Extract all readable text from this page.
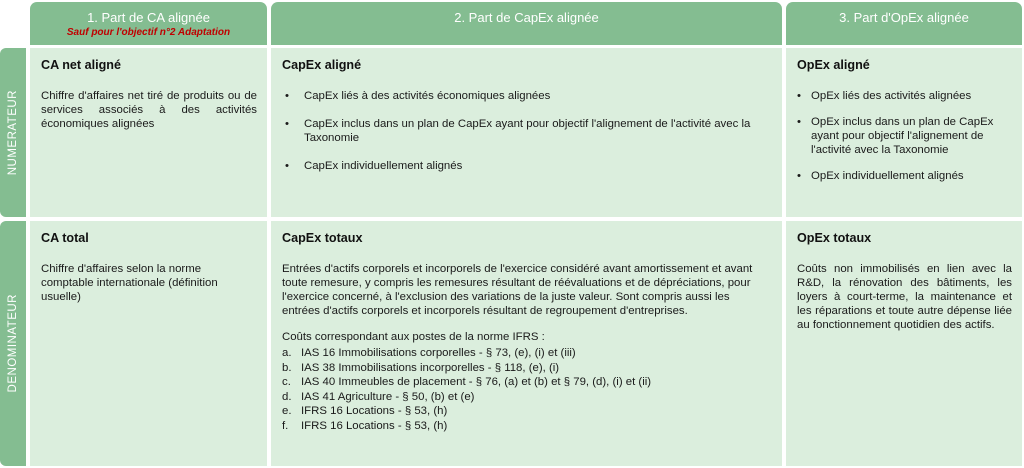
1. Part de CA alignée
Sauf pour l'objectif n°2 Adaptation
2. Part de CapEx alignée	3. Part d'OpEx alignée
NUMERATEUR
DENOMINATEUR
CA net aligné

Chiffre d'affaires net tiré de produits ou de services associés à des activités économiques alignées

CapEx aligné
• CapEx liés à des activités économiques alignées
• CapEx inclus dans un plan de CapEx ayant pour objectif l'alignement de l'activité avec la Taxonomie
• CapEx individuellement alignés
OpEx aligné
• OpEx liés des activités alignées
• OpEx inclus dans un plan de CapEx ayant pour objectif l'alignement de l'activité avec la Taxonomie
• OpEx individuellement alignés
CA total

Chiffre d'affaires selon la norme comptable internationale (définition usuelle)

CapEx totaux

Entrées d'actifs corporels et incorporels de l'exercice considéré avant amortissement et avant toute remesure, y compris les remesures résultant de réévaluations et de dépréciations, pour l'exercice concerné, à l'exclusion des variations de la juste valeur. Sont compris aussi les entrées d'actifs corporels et incorporels résultant de regroupement d'entreprises.

Coûts correspondant aux postes de la norme IFRS :

a. IAS 16 Immobilisations corporelles - § 73, (e), (i) et (iii)
b. IAS 38 Immobilisations incorporelles - § 118, (e), (i)
c. IAS 40 Immeubles de placement - § 76, (a) et (b) et § 79, (d), (i) et (ii)
d. IAS 41 Agriculture - § 50, (b) et (e)
e. IFRS 16 Locations - § 53, (h)
f. IFRS 16 Locations - § 53, (h)
OpEx totaux

Coûts non immobilisés en lien avec la R&D, la rénovation des bâtiments, les loyers à court-terme, la maintenance et les réparations et toute autre dépense liée au fonctionnement quotidien des actifs.
